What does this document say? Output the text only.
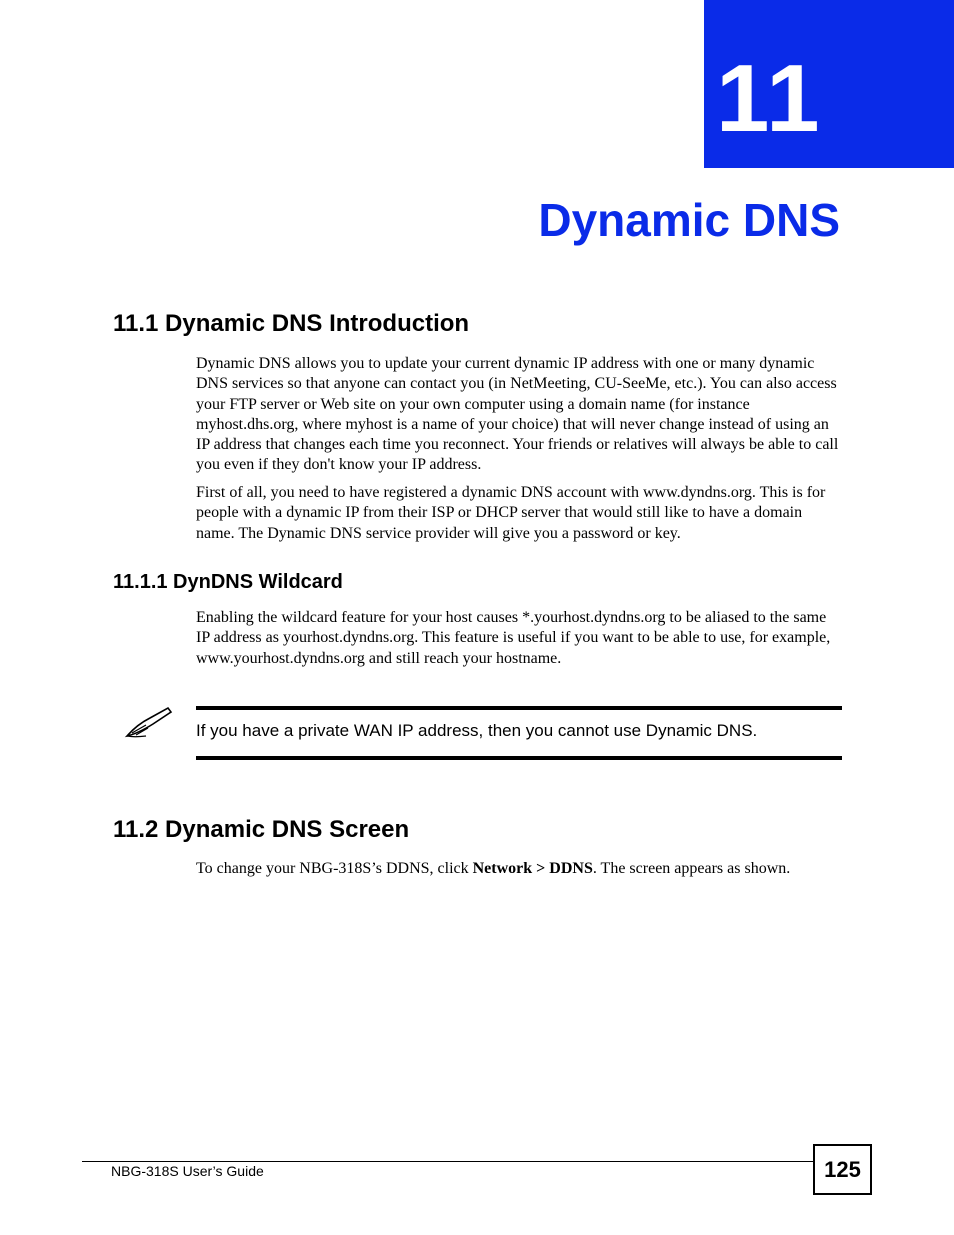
11
Dynamic DNS
11.1 Dynamic DNS Introduction

Dynamic DNS allows you to update your current dynamic IP address with one or many dynamic DNS services so that anyone can contact you (in NetMeeting, CU-SeeMe, etc.). You can also access your FTP server or Web site on your own computer using a domain name (for instance myhost.dhs.org, where myhost is a name of your choice) that will never change instead of using an IP address that changes each time you reconnect. Your friends or relatives will always be able to call you even if they don't know your IP address.

First of all, you need to have registered a dynamic DNS account with www.dyndns.org. This is for people with a dynamic IP from their ISP or DHCP server that would still like to have a domain name. The Dynamic DNS service provider will give you a password or key.

11.1.1 DynDNS Wildcard

Enabling the wildcard feature for your host causes *.yourhost.dyndns.org to be aliased to the same IP address as yourhost.dyndns.org. This feature is useful if you want to be able to use, for example, www.yourhost.dyndns.org and still reach your hostname.

If you have a private WAN IP address, then you cannot use Dynamic DNS.
11.2 Dynamic DNS Screen

To change your NBG-318S’s DDNS, click Network > DDNS. The screen appears as shown.

NBG-318S User’s Guide	125
